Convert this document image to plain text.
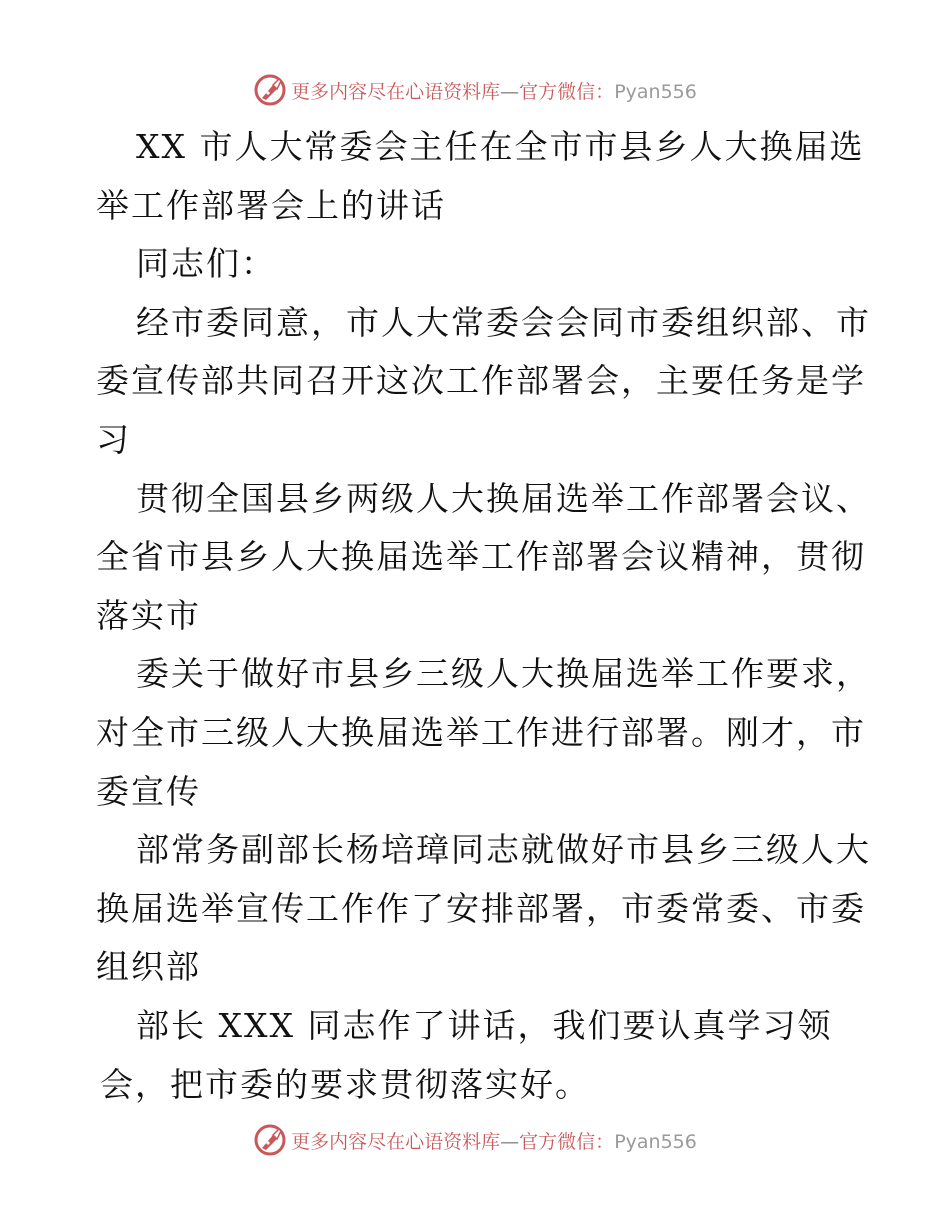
更多内容尽在心语资料库—官方微信：Pyan556
XX 市人大常委会主任在全市市县乡人大换届选
举工作部署会上的讲话
同志们：
经市委同意，市人大常委会会同市委组织部、市
委宣传部共同召开这次工作部署会，主要任务是学
习
贯彻全国县乡两级人大换届选举工作部署会议、
全省市县乡人大换届选举工作部署会议精神，贯彻
落实市
委关于做好市县乡三级人大换届选举工作要求，
对全市三级人大换届选举工作进行部署。刚才，市
委宣传
部常务副部长杨培璋同志就做好市县乡三级人大
换届选举宣传工作作了安排部署，市委常委、市委
组织部
部长 XXX 同志作了讲话，我们要认真学习领
会，把市委的要求贯彻落实好。
更多内容尽在心语资料库—官方微信：Pyan556
